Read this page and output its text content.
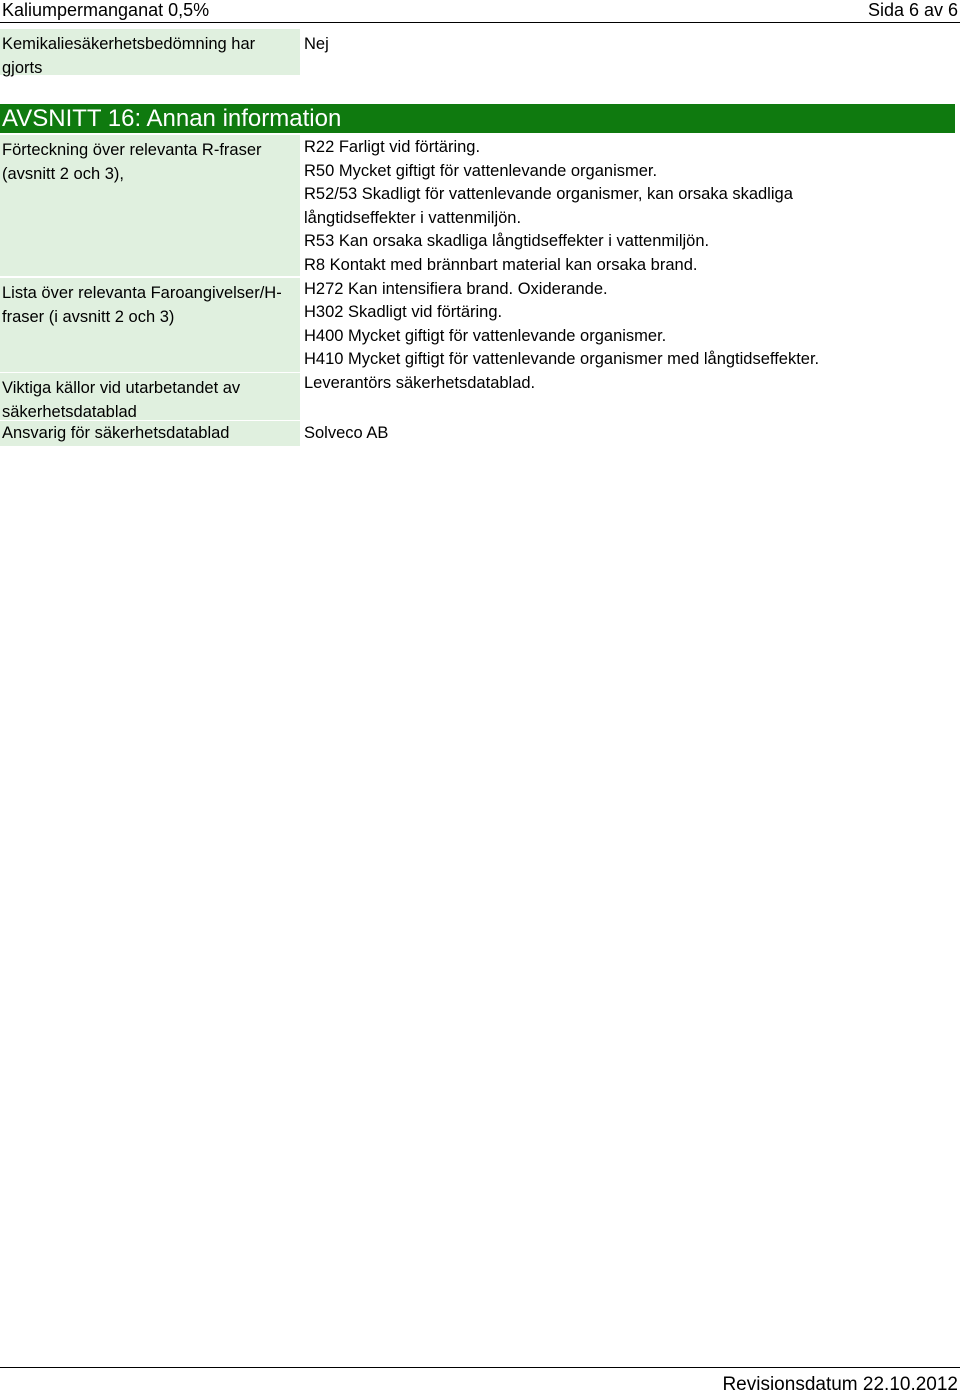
Kaliumpermanganat 0,5%	Sida 6 av 6
Kemikaliesäkerhetsbedömning har gjorts
Nej
AVSNITT 16: Annan information
Förteckning över relevanta R-fraser (avsnitt 2 och 3),
Lista över relevanta Faroangivelser/H-fraser (i avsnitt 2 och 3)
Viktiga källor vid utarbetandet av säkerhetsdatablad
Ansvarig för säkerhetsdatablad
R22 Farligt vid förtäring.
R50 Mycket giftigt för vattenlevande organismer.
R52/53 Skadligt för vattenlevande organismer, kan orsaka skadliga
långtidseffekter i vattenmiljön.
R53 Kan orsaka skadliga långtidseffekter i vattenmiljön.
R8 Kontakt med brännbart material kan orsaka brand.
H272 Kan intensifiera brand. Oxiderande.
H302 Skadligt vid förtäring.
H400 Mycket giftigt för vattenlevande organismer.
H410 Mycket giftigt för vattenlevande organismer med långtidseffekter.
Leverantörs säkerhetsdatablad.
Solveco AB
Revisionsdatum 22.10.2012
